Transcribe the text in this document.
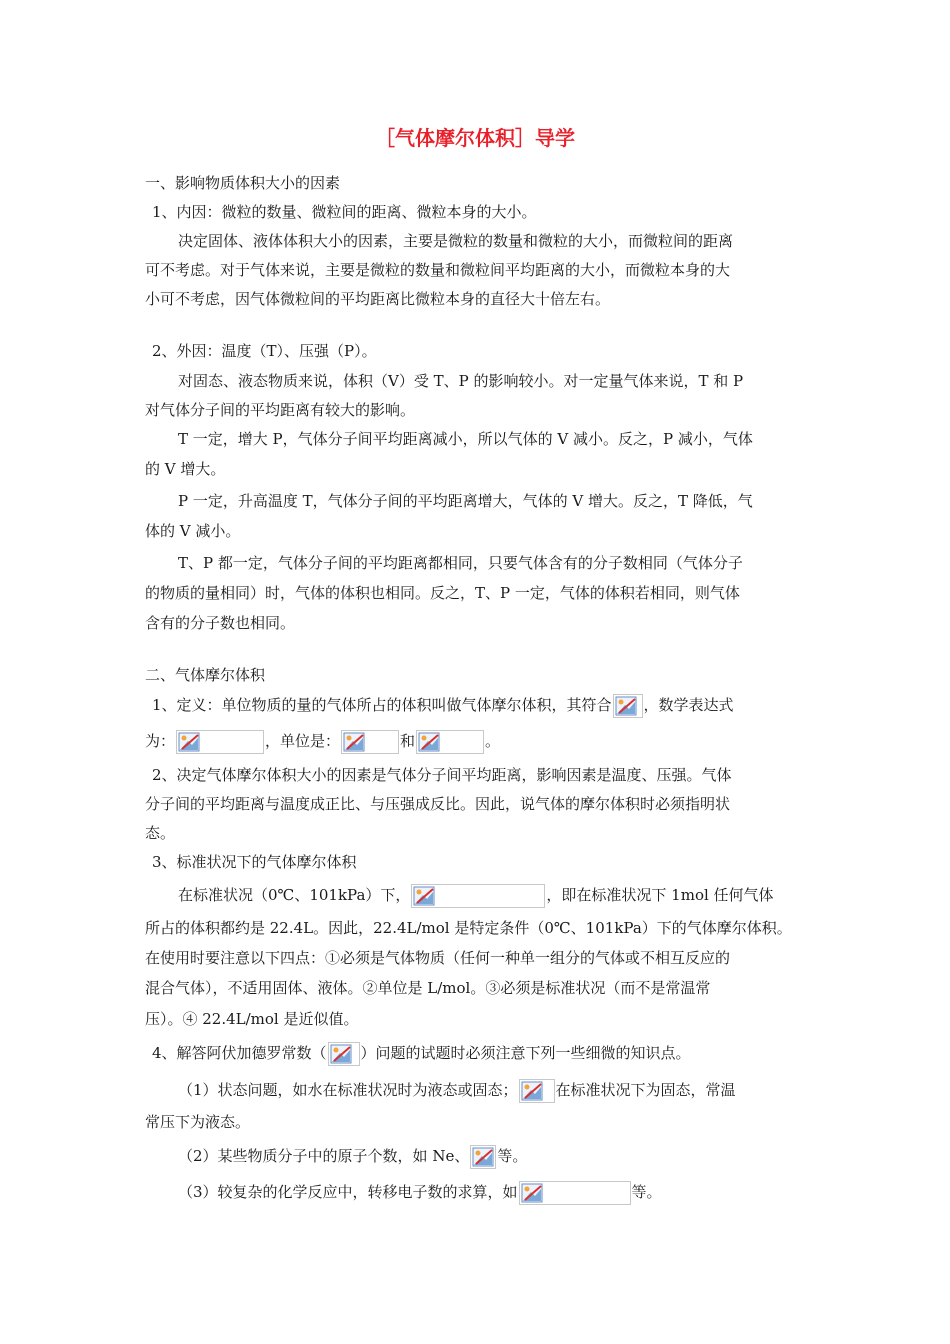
［气体摩尔体积］导学
一、影响物质体积大小的因素
1、内因：微粒的数量、微粒间的距离、微粒本身的大小。
决定固体、液体体积大小的因素，主要是微粒的数量和微粒的大小，而微粒间的距离
可不考虑。对于气体来说，主要是微粒的数量和微粒间平均距离的大小，而微粒本身的大
小可不考虑，因气体微粒间的平均距离比微粒本身的直径大十倍左右。
2、外因：温度（T）、压强（P）。
对固态、液态物质来说，体积（V）受 T、P 的影响较小。对一定量气体来说，T 和 P
对气体分子间的平均距离有较大的影响。
T 一定，增大 P，气体分子间平均距离减小，所以气体的 V 减小。反之，P 减小，气体
的 V 增大。
P 一定，升高温度 T，气体分子间的平均距离增大，气体的 V 增大。反之，T 降低，气
体的 V 减小。
T、P 都一定，气体分子间的平均距离都相同，只要气体含有的分子数相同（气体分子
的物质的量相同）时，气体的体积也相同。反之，T、P 一定，气体的体积若相同，则气体
含有的分子数也相同。
二、气体摩尔体积
1、定义：单位物质的量的气体所占的体积叫做气体摩尔体积，其符合 ，数学表达式
为：	，单位是：	和	。
2、决定气体摩尔体积大小的因素是气体分子间平均距离，影响因素是温度、压强。气体
分子间的平均距离与温度成正比、与压强成反比。因此，说气体的摩尔体积时必须指明状
态。
3、标准状况下的气体摩尔体积
在标准状况（0℃、101kPa）下，	，即在标准状况下 1mol 任何气体
所占的体积都约是 22.4L。因此，22.4L/mol 是特定条件（0℃、101kPa）下的气体摩尔体积。
在使用时要注意以下四点：①必须是气体物质（任何一种单一组分的气体或不相互反应的
混合气体），不适用固体、液体。②单位是 L/mol。③必须是标准状况（而不是常温常
压）。④ 22.4L/mol 是近似值。
4、解答阿伏加德罗常数（ ）问题的试题时必须注意下列一些细微的知识点。
（1）状态问题，如水在标准状况时为液态或固态；	在标准状况下为固态，常温
常压下为液态。
（2）某些物质分子中的原子个数，如 Ne、 等。
（3）较复杂的化学反应中，转移电子数的求算，如	等。
